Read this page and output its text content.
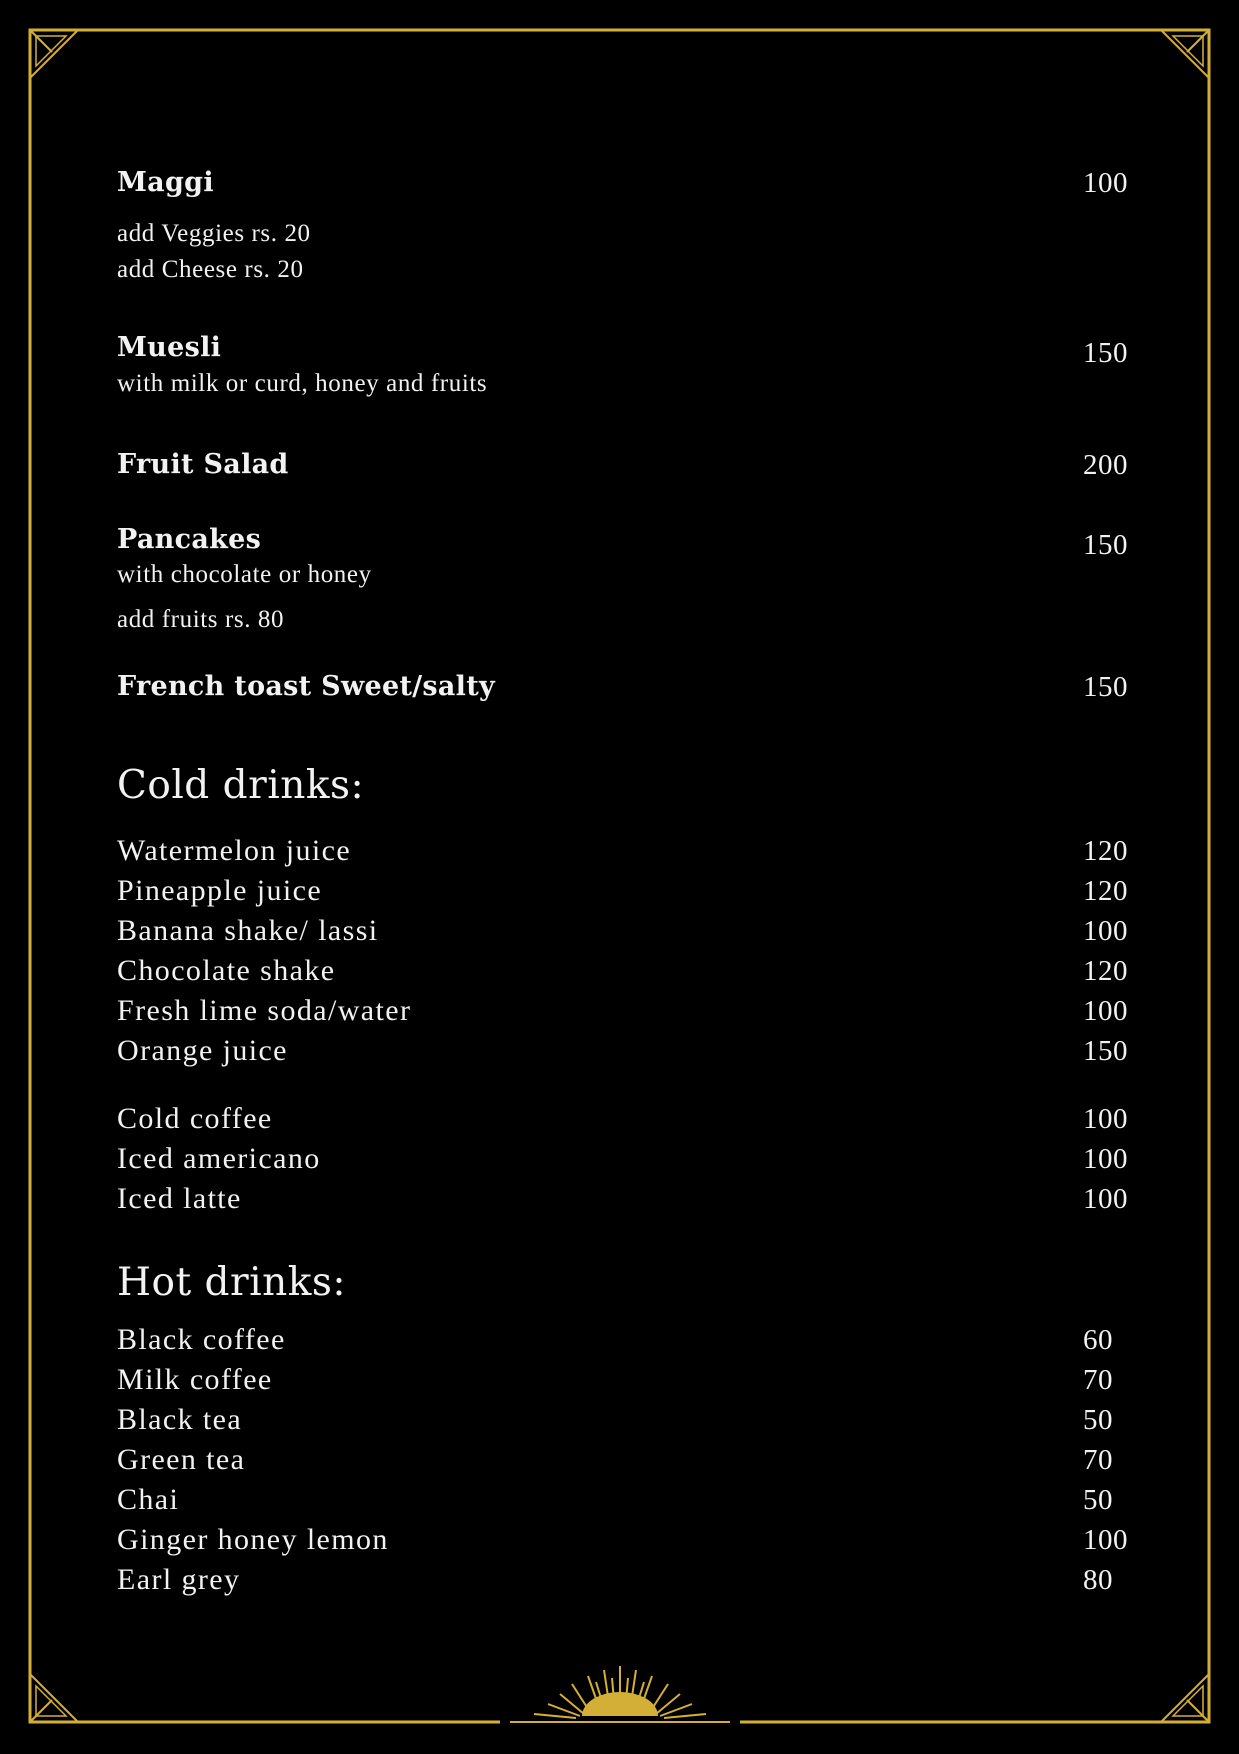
Maggi	100
add Veggies rs. 20
add Cheese rs. 20
Muesli	150
with milk or curd, honey and fruits
Fruit Salad	200
Pancakes	150
with chocolate or honey
add fruits rs. 80
French toast Sweet/salty	150
Cold drinks:
Watermelon juice	120
Pineapple juice	120
Banana shake/ lassi	100
Chocolate shake	120
Fresh lime soda/water	100
Orange juice	150
Cold coffee	100
Iced americano	100
Iced latte	100
Hot drinks:
Black coffee	60
Milk coffee	70
Black tea	50
Green tea	70
Chai	50
Ginger honey lemon	100
Earl grey	80
